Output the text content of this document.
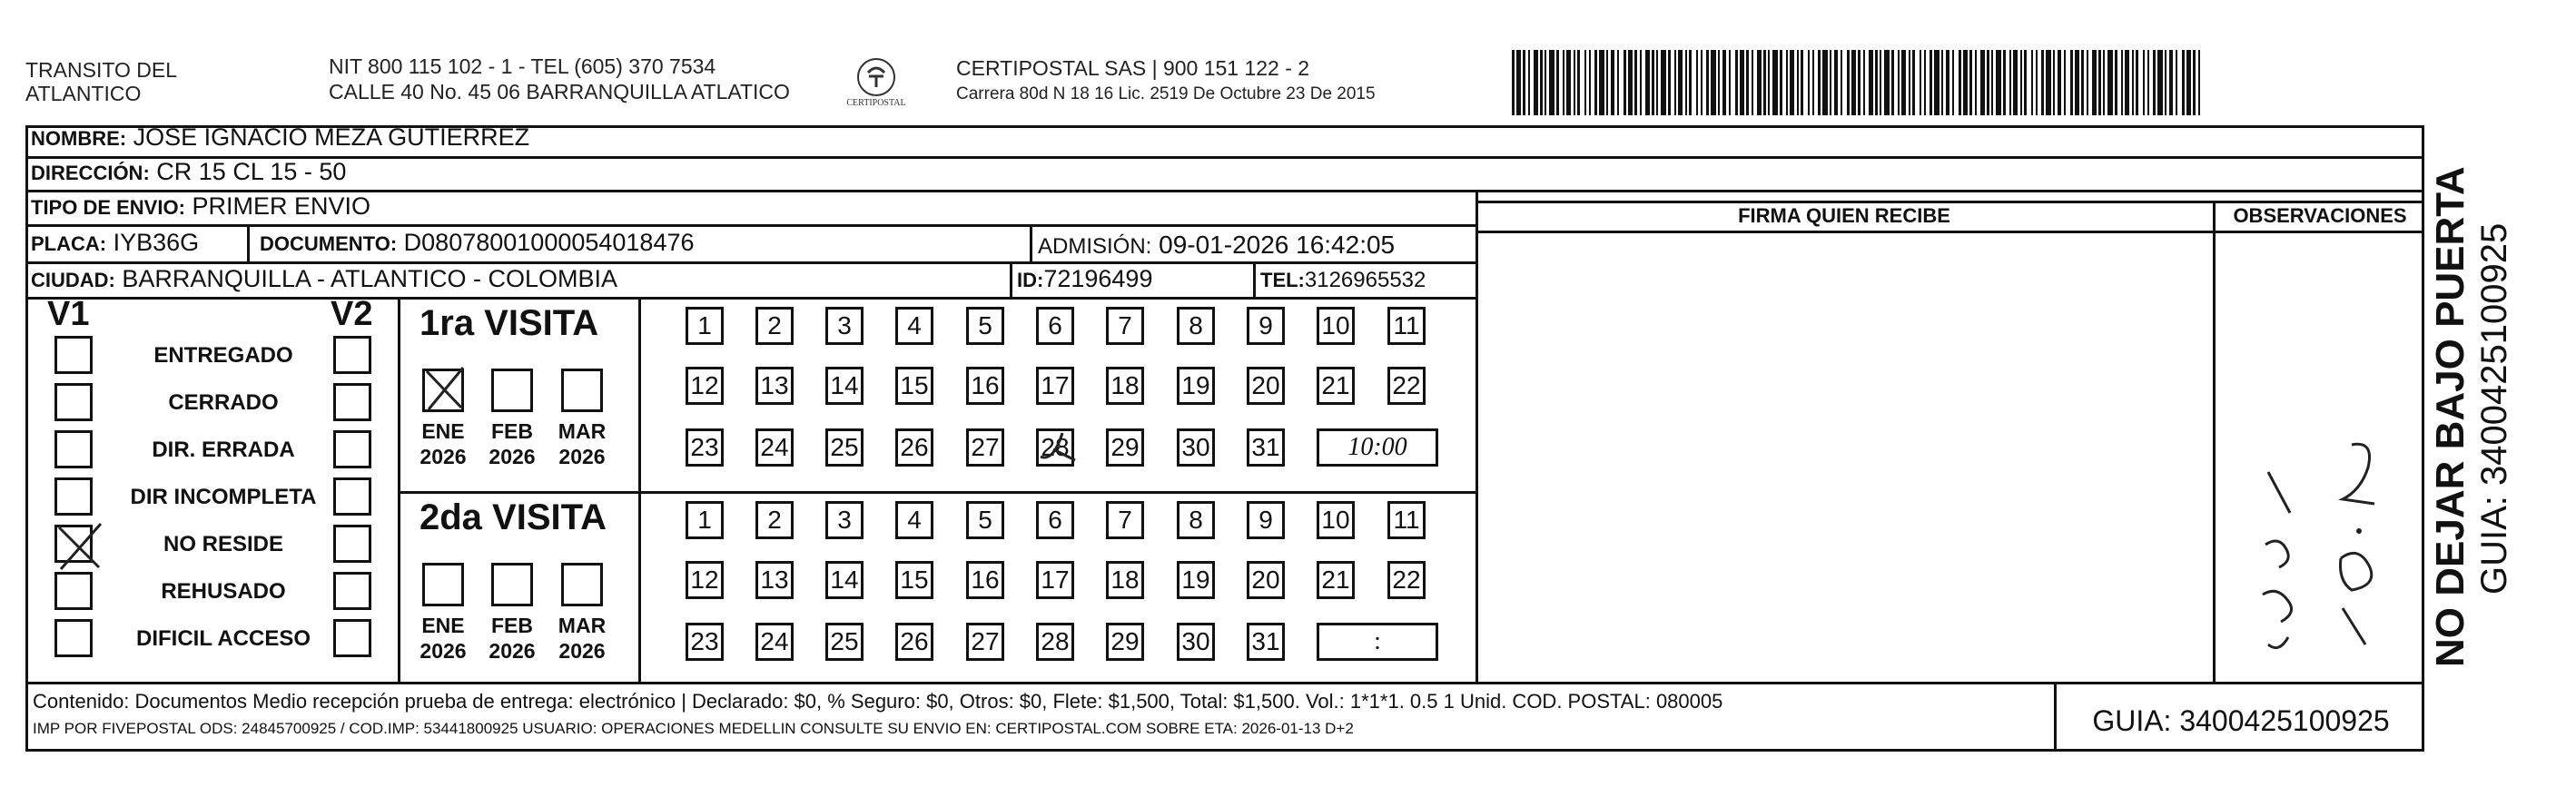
TRANSITO DEL
ATLANTICO
NIT 800 115 102 - 1 - TEL (605) 370 7534
CALLE 40 No. 45 06 BARRANQUILLA ATLATICO	CERTIPOSTAL
CERTIPOSTAL SAS | 900 151 122 - 2
Carrera 80d N 18 16 Lic. 2519 De Octubre 23 De 2015
NOMBRE: JOSE IGNACIO MEZA GUTIERREZ
DIRECCIÓN: CR 15 CL 15 - 50
TIPO DE ENVIO: PRIMER ENVIO
PLACA: IYB36G	DOCUMENTO: D08078001000054018476	ADMISIÓN: 09-01-2026 16:42:05
CIUDAD: BARRANQUILLA - ATLANTICO - COLOMBIA	ID:72196499	TEL:3126965532
FIRMA QUIEN RECIBE	OBSERVACIONES
V1	V2
ENTREGADO
CERRADO
DIR. ERRADA
DIR INCOMPLETA
NO RESIDE
REHUSADO
DIFICIL ACCESO
1ra VISITA
ENE
2026
FEB
2026
MAR
2026
1	2	3	4	5	6	7	8	9	10 11
12 13 14 15 16 17 18 19 20 21 22
23 24 25 26 27 28 29 30 31	10:00
2da VISITA
ENE
2026
FEB
2026
MAR
2026
1	2	3	4	5	6	7	8	9	10 11
12 13 14 15 16 17 18 19 20 21 22
23 24 25 26 27 28 29 30 31	:
Contenido: Documentos Medio recepción prueba de entrega: electrónico | Declarado: $0, % Seguro: $0, Otros: $0, Flete: $1,500, Total: $1,500. Vol.: 1*1*1. 0.5 1 Unid. COD. POSTAL: 080005
IMP POR FIVEPOSTAL ODS: 24845700925 / COD.IMP: 53441800925 USUARIO: OPERACIONES MEDELLIN CONSULTE SU ENVIO EN: CERTIPOSTAL.COM SOBRE ETA: 2026-01-13 D+2	GUIA: 3400425100925
NO DEJAR BAJO PUERTA GUIA: 3400425100925
